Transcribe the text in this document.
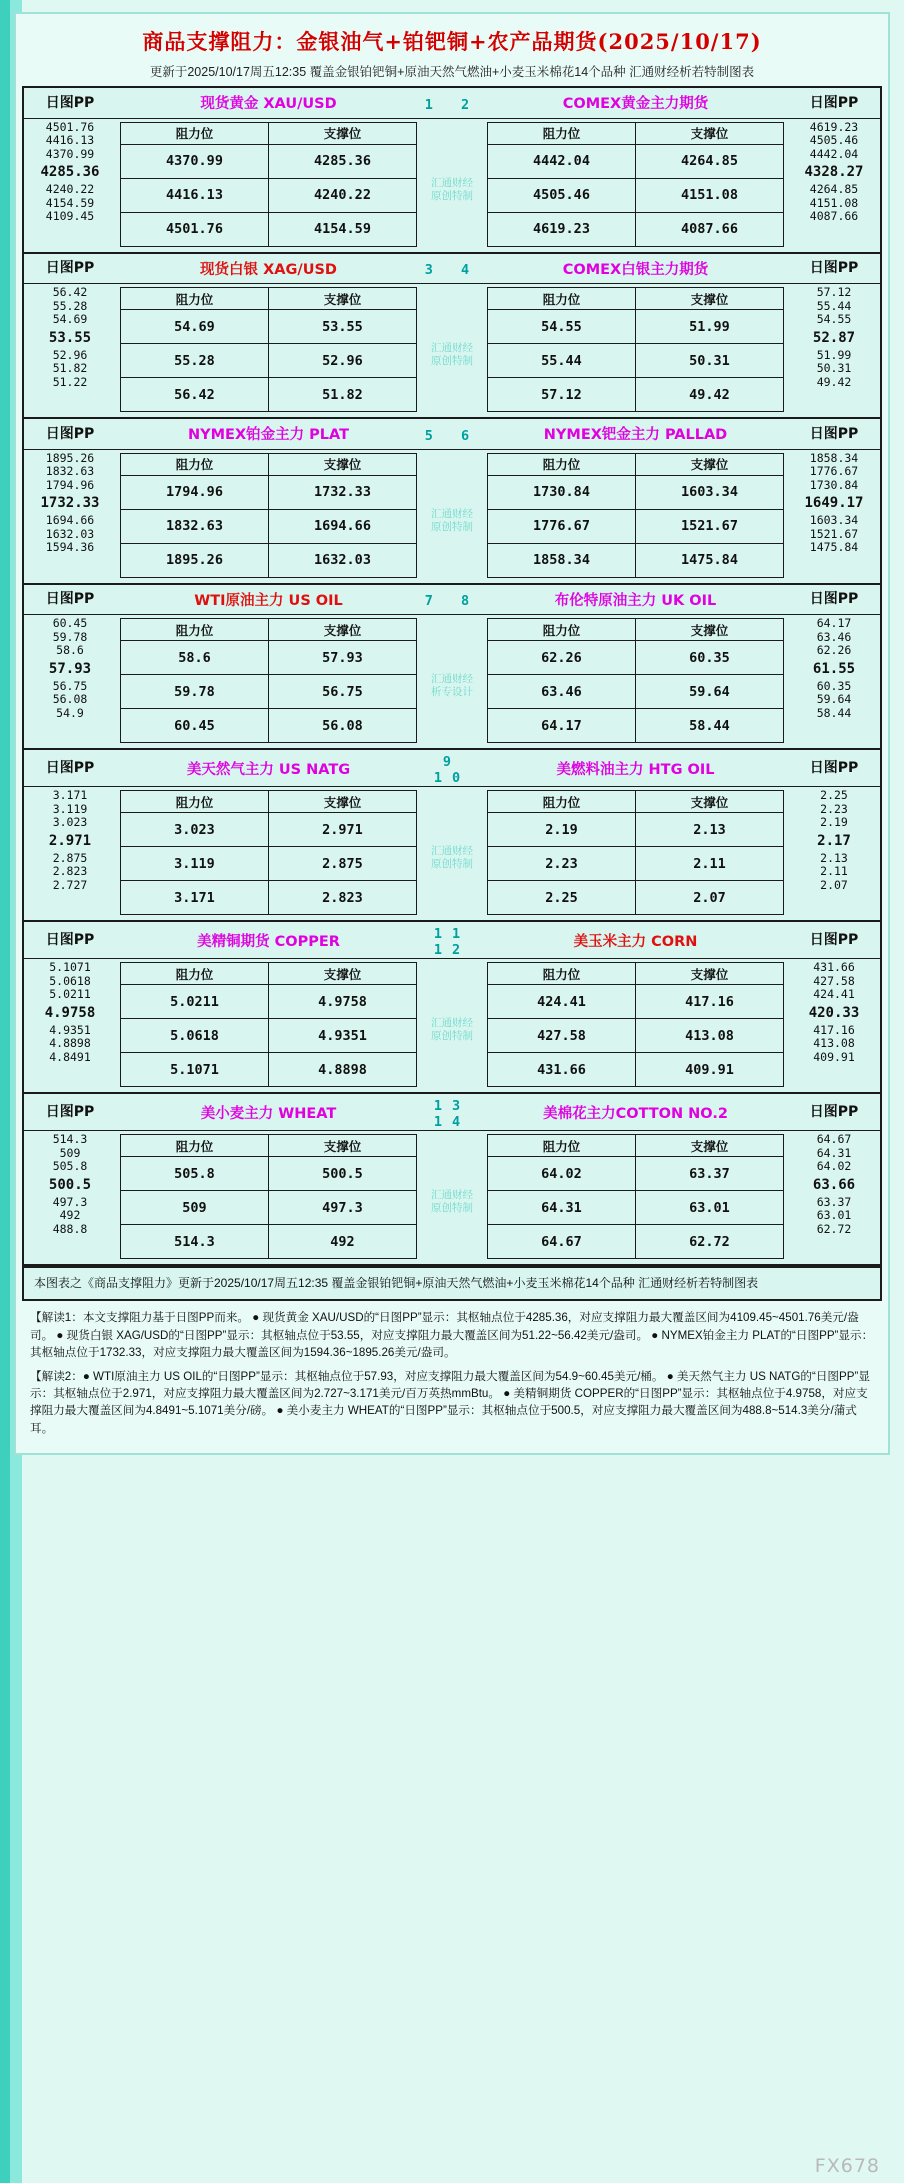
商品支撑阻力：金银油气+铂钯铜+农产品期货(2025/10/17)
更新于2025/10/17周五12:35 覆盖金银铂钯铜+原油天然气燃油+小麦玉米棉花14个品种 汇通财经析若特制图表
日图PP	现货黄金 XAU/USD	1 2	COMEX黄金主力期货	日图PP

4501.76
4416.13
4370.99
4285.36
4240.22
4154.59
4109.45

阻力位	支撑位
4370.99	4285.36
4416.13	4240.22
4501.76	4154.59

汇通财经
原创特制

阻力位	支撑位
4442.04	4264.85
4505.46	4151.08
4619.23	4087.66

4619.23
4505.46
4442.04
4328.27
4264.85
4151.08
4087.66
日图PP	现货白银 XAG/USD	3 4	COMEX白银主力期货	日图PP

56.42
55.28
54.69
53.55
52.96
51.82
51.22

阻力位	支撑位
54.69	53.55
55.28	52.96
56.42	51.82

汇通财经
原创特制

阻力位	支撑位
54.55	51.99
55.44	50.31
57.12	49.42

57.12
55.44
54.55
52.87
51.99
50.31
49.42
日图PP	NYMEX铂金主力 PLAT	5 6	NYMEX钯金主力 PALLAD	日图PP

1895.26
1832.63
1794.96
1732.33
1694.66
1632.03
1594.36

阻力位	支撑位
1794.96	1732.33
1832.63	1694.66
1895.26	1632.03

汇通财经
原创特制

阻力位	支撑位
1730.84	1603.34
1776.67	1521.67
1858.34	1475.84

1858.34
1776.67
1730.84
1649.17
1603.34
1521.67
1475.84
日图PP	WTI原油主力 US OIL	7 8	布伦特原油主力 UK OIL	日图PP

60.45
59.78
58.6
57.93
56.75
56.08
54.9

阻力位	支撑位
58.6	57.93
59.78	56.75
60.45	56.08

汇通财经
析专设计

阻力位	支撑位
62.26	60.35
63.46	59.64
64.17	58.44

64.17
63.46
62.26
61.55
60.35
59.64
58.44
日图PP	美天然气主力 US NATG	9 10
	美燃料油主力 HTG OIL	日图PP

3.171
3.119
3.023
2.971
2.875
2.823
2.727

阻力位	支撑位
3.023	2.971
3.119	2.875
3.171	2.823

汇通财经
原创特制

阻力位	支撑位
2.19	2.13
2.23	2.11
2.25	2.07

2.25
2.23
2.19
2.17
2.13
2.11
2.07
日图PP	美精铜期货 COPPER	11 12
	美玉米主力 CORN	日图PP

5.1071
5.0618
5.0211
4.9758
4.9351
4.8898
4.8491

阻力位	支撑位
5.0211	4.9758
5.0618	4.9351
5.1071	4.8898

汇通财经
原创特制

阻力位	支撑位
424.41	417.16
427.58	413.08
431.66	409.91

431.66
427.58
424.41
420.33
417.16
413.08
409.91
日图PP	美小麦主力 WHEAT	13 14
	美棉花主力COTTON NO.2	日图PP

514.3
509
505.8
500.5
497.3
492
488.8

阻力位	支撑位
505.8	500.5
509	497.3
514.3	492

汇通财经
原创特制

阻力位	支撑位
64.02	63.37
64.31	63.01
64.67	62.72

64.67
64.31
64.02
63.66
63.37
63.01
62.72
本图表之《商品支撑阻力》更新于2025/10/17周五12:35 覆盖金银铂钯铜+原油天然气燃油+小麦玉米棉花14个品种 汇通财经析若特制图表

【解读1：本文支撑阻力基于日图PP而来。 ● 现货黄金 XAU/USD的“日图PP”显示：其枢轴点位于4285.36，对应支撑阻力最大覆盖区间为4109.45~4501.76美元/盎司。 ● 现货白银 XAG/USD的“日图PP”显示：其枢轴点位于53.55，对应支撑阻力最大覆盖区间为51.22~56.42美元/盎司。 ● NYMEX铂金主力 PLAT的“日图PP”显示：其枢轴点位于1732.33，对应支撑阻力最大覆盖区间为1594.36~1895.26美元/盎司。

【解读2：● WTI原油主力 US OIL的“日图PP”显示：其枢轴点位于57.93，对应支撑阻力最大覆盖区间为54.9~60.45美元/桶。 ● 美天然气主力 US NATG的“日图PP”显示：其枢轴点位于2.971，对应支撑阻力最大覆盖区间为2.727~3.171美元/百万英热mmBtu。 ● 美精铜期货 COPPER的“日图PP”显示：其枢轴点位于4.9758，对应支撑阻力最大覆盖区间为4.8491~5.1071美分/磅。 ● 美小麦主力 WHEAT的“日图PP”显示：其枢轴点位于500.5，对应支撑阻力最大覆盖区间为488.8~514.3美分/蒲式耳。

FX678
